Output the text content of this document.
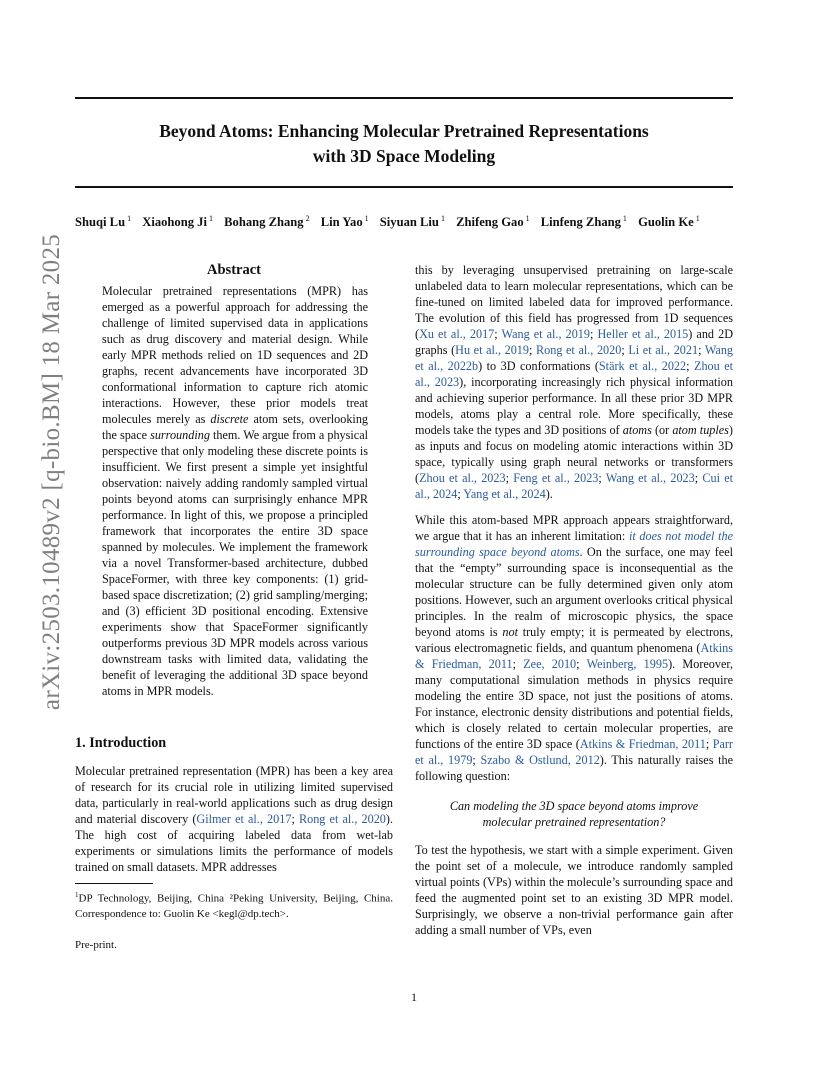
Beyond Atoms: Enhancing Molecular Pretrained Representations
with 3D Space Modeling
Shuqi Lu $^1$ Xiaohong Ji $^1$ Bohang Zhang $^2$ Lin Yao $^1$ Siyuan Liu $^1$ Zhifeng Gao $^1$ Linfeng Zhang $^1$ Guolin Ke $^1$
arXiv:2503.10489v2 [q-bio.BM] 18 Mar 2025	Abstract
Molecular pretrained representations (MPR) has emerged as a powerful approach for addressing the challenge of limited supervised data in applications such as drug discovery and material design. While early MPR methods relied on 1D sequences and 2D graphs, recent advancements have incorporated 3D conformational information to capture rich atomic interactions. However, these prior models treat molecules merely as discrete atom sets, overlooking the space surrounding them. We argue from a physical perspective that only modeling these discrete points is insufficient. We first present a simple yet insightful observation: naively adding randomly sampled virtual points beyond atoms can surprisingly enhance MPR performance. In light of this, we propose a principled framework that incorporates the entire 3D space spanned by molecules. We implement the framework via a novel Transformer-based architecture, dubbed SpaceFormer, with three key components: (1) grid-based space discretization; (2) grid sampling/merging; and (3) efficient 3D positional encoding. Extensive experiments show that SpaceFormer significantly outperforms previous 3D MPR models across various downstream tasks with limited data, validating the benefit of leveraging the additional 3D space beyond atoms in MPR models.
1. Introduction

Molecular pretrained representation (MPR) has been a key area of research for its crucial role in utilizing limited supervised data, particularly in real-world applications such as drug design and material discovery (Gilmer et al., 2017; Rong et al., 2020). The high cost of acquiring labeled data from wet-lab experiments or simulations limits the performance of models trained on small datasets. MPR addresses

$^1$DP Technology, Beijing, China ²Peking University, Beijing, China. Correspondence to: Guolin Ke <kegl@dp.tech>.
Pre-print.

this by leveraging unsupervised pretraining on large-scale unlabeled data to learn molecular representations, which can be fine-tuned on limited labeled data for improved performance. The evolution of this field has progressed from 1D sequences (Xu et al., 2017; Wang et al., 2019; Heller et al., 2015) and 2D graphs (Hu et al., 2019; Rong et al., 2020; Li et al., 2021; Wang et al., 2022b) to 3D conformations (Stärk et al., 2022; Zhou et al., 2023), incorporating increasingly rich physical information and achieving superior performance. In all these prior 3D MPR models, atoms play a central role. More specifically, these models take the types and 3D positions of atoms (or atom tuples) as inputs and focus on modeling atomic interactions within 3D space, typically using graph neural networks or transformers (Zhou et al., 2023; Feng et al., 2023; Wang et al., 2023; Cui et al., 2024; Yang et al., 2024).

While this atom-based MPR approach appears straightforward, we argue that it has an inherent limitation: it does not model the surrounding space beyond atoms. On the surface, one may feel that the “empty” surrounding space is inconsequential as the molecular structure can be fully determined given only atom positions. However, such an argument overlooks critical physical principles. In the realm of microscopic physics, the space beyond atoms is not truly empty; it is permeated by electrons, various electromagnetic fields, and quantum phenomena (Atkins & Friedman, 2011; Zee, 2010; Weinberg, 1995). Moreover, many computational simulation methods in physics require modeling the entire 3D space, not just the positions of atoms. For instance, electronic density distributions and potential fields, which is closely related to certain molecular properties, are functions of the entire 3D space (Atkins & Friedman, 2011; Parr et al., 1979; Szabo & Ostlund, 2012). This naturally raises the following question:

Can modeling the 3D space beyond atoms improve
molecular pretrained representation?

To test the hypothesis, we start with a simple experiment. Given the point set of a molecule, we introduce randomly sampled virtual points (VPs) within the molecule’s surrounding space and feed the augmented point set to an existing 3D MPR model. Surprisingly, we observe a non-trivial performance gain after adding a small number of VPs, even

1
